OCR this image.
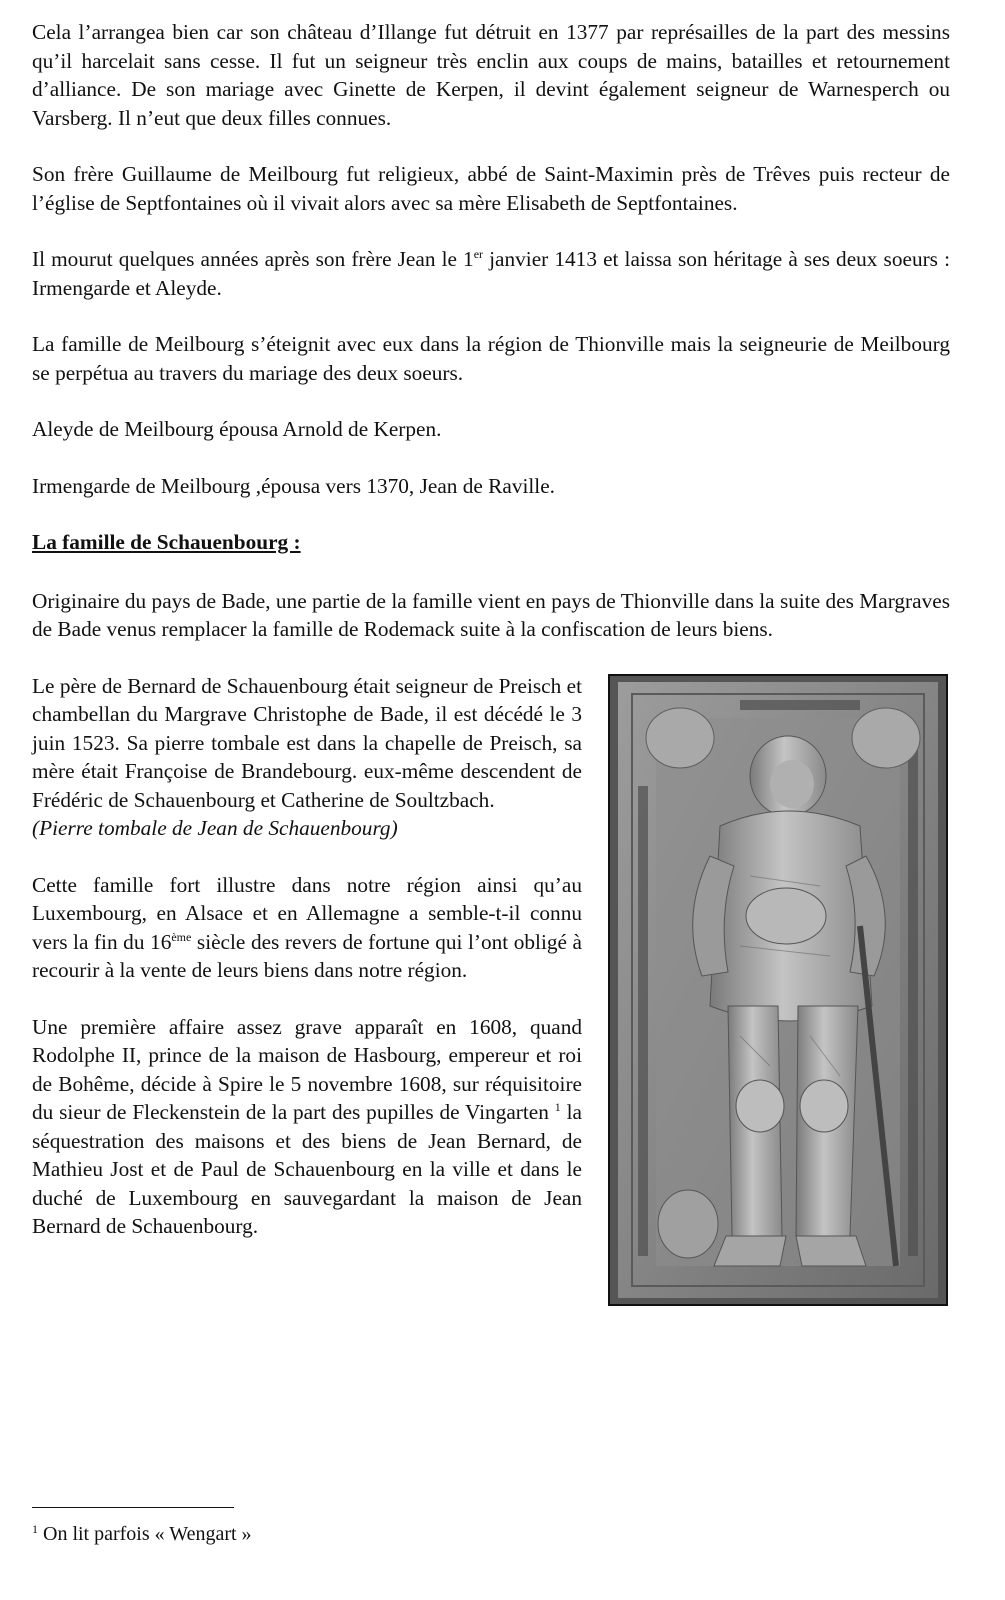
Cela l’arrangea bien car son château d’Illange fut détruit en 1377 par représailles de la part des messins qu’il harcelait sans cesse. Il fut un seigneur très enclin aux coups de mains, batailles et retournement d’alliance. De son mariage avec Ginette de Kerpen, il devint également seigneur de Warnesperch ou Varsberg. Il n’eut que deux filles connues.

Son frère Guillaume de Meilbourg fut religieux, abbé de Saint-Maximin près de Trêves puis recteur de l’église de Septfontaines où il vivait alors avec sa mère Elisabeth de Septfontaines.

Il mourut quelques années après son frère Jean le 1er janvier 1413 et laissa son héritage à ses deux soeurs : Irmengarde et Aleyde.

La famille de Meilbourg s’éteignit avec eux dans la région de Thionville mais la seigneurie de Meilbourg se perpétua au travers du mariage des deux soeurs.

Aleyde de Meilbourg épousa Arnold de Kerpen.

Irmengarde de Meilbourg ,épousa vers 1370, Jean de Raville.

La famille de Schauenbourg :

Originaire du pays de Bade, une partie de la famille vient en pays de Thionville dans la suite des Margraves de Bade venus remplacer la famille de Rodemack suite à la confiscation de leurs biens.

Le père de Bernard de Schauenbourg était seigneur de Preisch et chambellan du Margrave Christophe de Bade, il est décédé le 3 juin 1523. Sa pierre tombale est dans la chapelle de Preisch, sa mère était Françoise de Brandebourg. eux-même descendent de Frédéric de Schauenbourg et Catherine de Soultzbach.
(Pierre tombale de Jean de Schauenbourg)

Cette famille fort illustre dans notre région ainsi qu’au Luxembourg, en Alsace et en Allemagne a semble-t-il connu vers la fin du 16ème siècle des revers de fortune qui l’ont obligé à recourir à la vente de leurs biens dans notre région.

Une première affaire assez grave apparaît en 1608, quand Rodolphe II, prince de la maison de Hasbourg, empereur et roi de Bohême, décide à Spire le 5 novembre 1608, sur réquisitoire du sieur de Fleckenstein de la part des pupilles de Vingarten $^1$ la séquestration des maisons et des biens de Jean Bernard, de Mathieu Jost et de Paul de Schauenbourg en la ville et dans le duché de Luxembourg en sauvegardant la maison de Jean Bernard de Schauenbourg.

$^1$ On lit parfois « Wengart »
